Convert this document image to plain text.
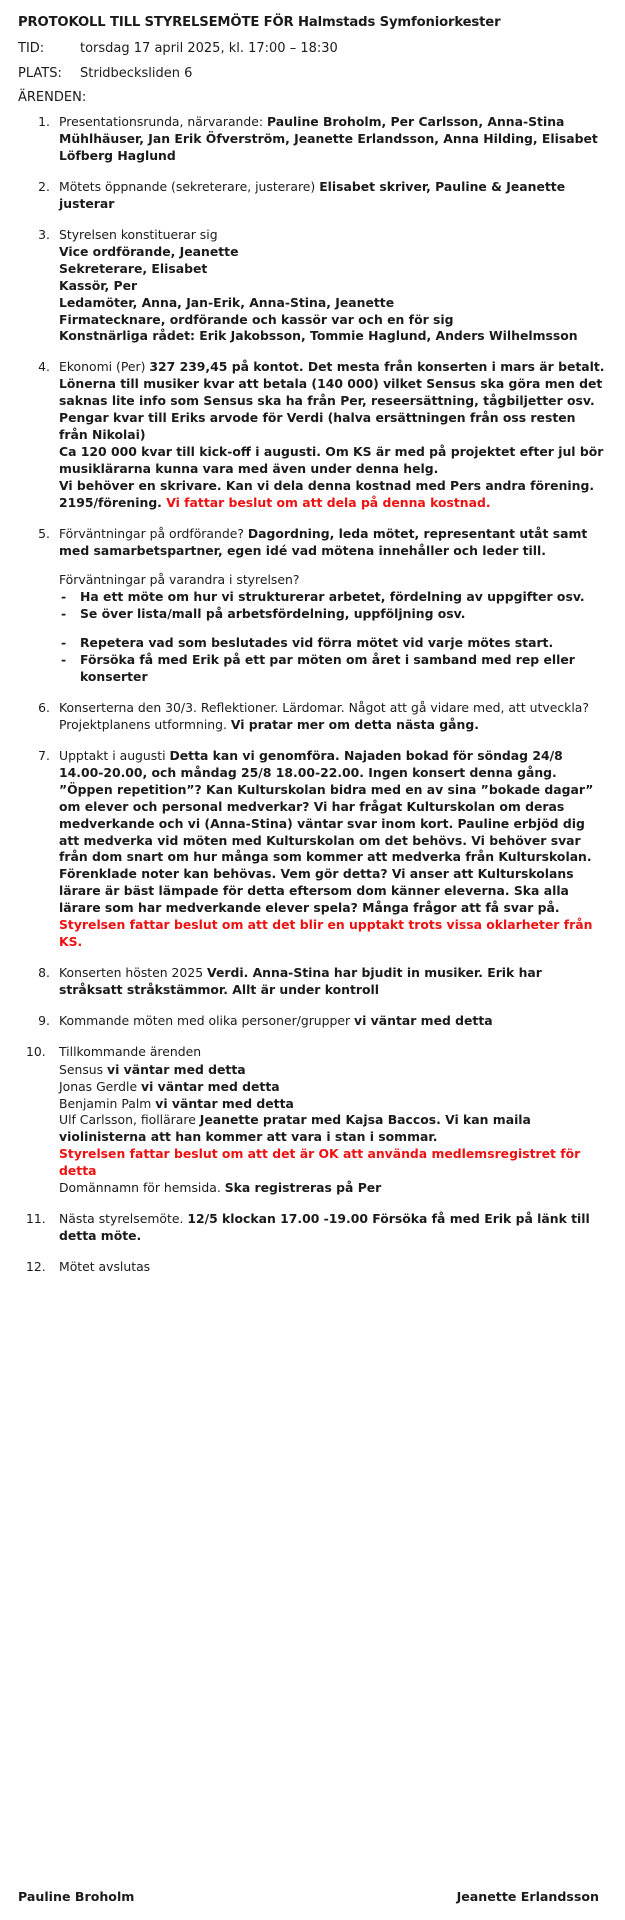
PROTOKOLL TILL STYRELSEMÖTE FÖR Halmstads Symfoniorkester
TID:	torsdag 17 april 2025, kl. 17:00 – 18:30
PLATS:	Stridbecksliden 6
ÄRENDEN:
1. Presentationsrunda, närvarande: Pauline Broholm, Per Carlsson, Anna-Stina Mühlhäuser, Jan Erik Öfverström, Jeanette Erlandsson, Anna Hilding, Elisabet Löfberg Haglund
2. Mötets öppnande (sekreterare, justerare) Elisabet skriver, Pauline & Jeanette justerar
3. Styrelsen konstituerar sig
Vice ordförande, Jeanette
Sekreterare, Elisabet
Kassör, Per
Ledamöter, Anna, Jan-Erik, Anna-Stina, Jeanette
Firmatecknare, ordförande och kassör var och en för sig
Konstnärliga rådet: Erik Jakobsson, Tommie Haglund, Anders Wilhelmsson
4. Ekonomi (Per) 327 239,45 på kontot. Det mesta från konserten i mars är betalt. Lönerna till musiker kvar att betala (140 000) vilket Sensus ska göra men det saknas lite info som Sensus ska ha från Per, reseersättning, tågbiljetter osv.
Pengar kvar till Eriks arvode för Verdi (halva ersättningen från oss resten från Nikolai)
Ca 120 000 kvar till kick-off i augusti. Om KS är med på projektet efter jul bör musiklärarna kunna vara med även under denna helg.
Vi behöver en skrivare. Kan vi dela denna kostnad med Pers andra förening. 2195/förening. Vi fattar beslut om att dela på denna kostnad.
5. Förväntningar på ordförande? Dagordning, leda mötet, representant utåt samt med samarbetspartner, egen idé vad mötena innehåller och leder till.
Förväntningar på varandra i styrelsen?
- Ha ett möte om hur vi strukturerar arbetet, fördelning av uppgifter osv.
- Se över lista/mall på arbetsfördelning, uppföljning osv.
- Repetera vad som beslutades vid förra mötet vid varje mötes start.
- Försöka få med Erik på ett par möten om året i samband med rep eller konserter
6. Konserterna den 30/3. Reflektioner. Lärdomar. Något att gå vidare med, att utveckla? Projektplanens utformning. Vi pratar mer om detta nästa gång.
7. Upptakt i augusti Detta kan vi genomföra. Najaden bokad för söndag 24/8 14.00-20.00, och måndag 25/8 18.00-22.00. Ingen konsert denna gång. ”Öppen repetition”? Kan Kulturskolan bidra med en av sina ”bokade dagar” om elever och personal medverkar? Vi har frågat Kulturskolan om deras medverkande och vi (Anna-Stina) väntar svar inom kort. Pauline erbjöd dig att medverka vid möten med Kulturskolan om det behövs. Vi behöver svar från dom snart om hur många som kommer att medverka från Kulturskolan. Förenklade noter kan behövas. Vem gör detta? Vi anser att Kulturskolans lärare är bäst lämpade för detta eftersom dom känner eleverna. Ska alla lärare som har medverkande elever spela? Många frågor att få svar på. Styrelsen fattar beslut om att det blir en upptakt trots vissa oklarheter från KS.
8. Konserten hösten 2025 Verdi. Anna-Stina har bjudit in musiker. Erik har stråksatt stråkstämmor. Allt är under kontroll
9. Kommande möten med olika personer/grupper vi väntar med detta
10.	Tillkommande ärenden
Sensus vi väntar med detta
Jonas Gerdle vi väntar med detta
Benjamin Palm vi väntar med detta
Ulf Carlsson, fiollärare Jeanette pratar med Kajsa Baccos. Vi kan maila violinisterna att han kommer att vara i stan i sommar.
Styrelsen fattar beslut om att det är OK att använda medlemsregistret för detta
Domännamn för hemsida. Ska registreras på Per
11.	Nästa styrelsemöte. 12/5 klockan 17.00 -19.00 Försöka få med Erik på länk till detta möte.
12.	Mötet avslutas
Pauline Broholm	Jeanette Erlandsson
